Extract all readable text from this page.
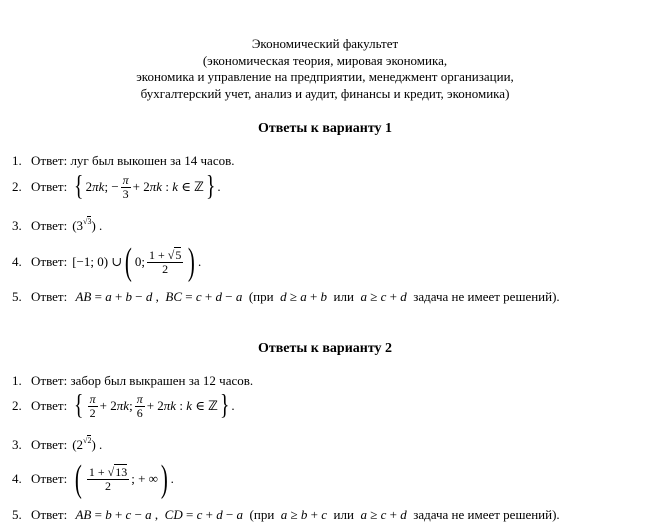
Экономический факультет
(экономическая теория, мировая экономика,
экономика и управление на предприятии, менеджмент организации,
бухгалтерский учет, анализ и аудит, финансы и кредит, экономика)
Ответы к варианту 1
1. Ответ: луг был выкошен за 14 часов.
2. Ответ: { 2πk; − $\frac{\pi}{3} + 2\pi k$ : k ∈ ℤ } .
3. Ответ: $(3^{√3})$ .
4. Ответ: [−1; 0) ∪ ( 0; $\frac{1 + √5}{2}$ ) .
5. Ответ: AB = a + b − d ,  BC = c + d − a  (при  d ≥ a + b  или  a ≥ c + d задача не имеет решений).
Ответы к варианту 2
1. Ответ: забор был выкрашен за 12 часов.
2. Ответ: { $\frac{\pi}{2} + 2\pi k$; $\frac{\pi}{6} + 2\pi k$ : k ∈ ℤ } .
3. Ответ: $(2^{√2})$ .
4. Ответ: ( $\frac{1 + √13}{2}$ ; + ∞ ) .
5. Ответ: AB = b + c − a ,  CD = c + d − a  (при  a ≥ b + c  или  a ≥ c + d задача не имеет решений).
